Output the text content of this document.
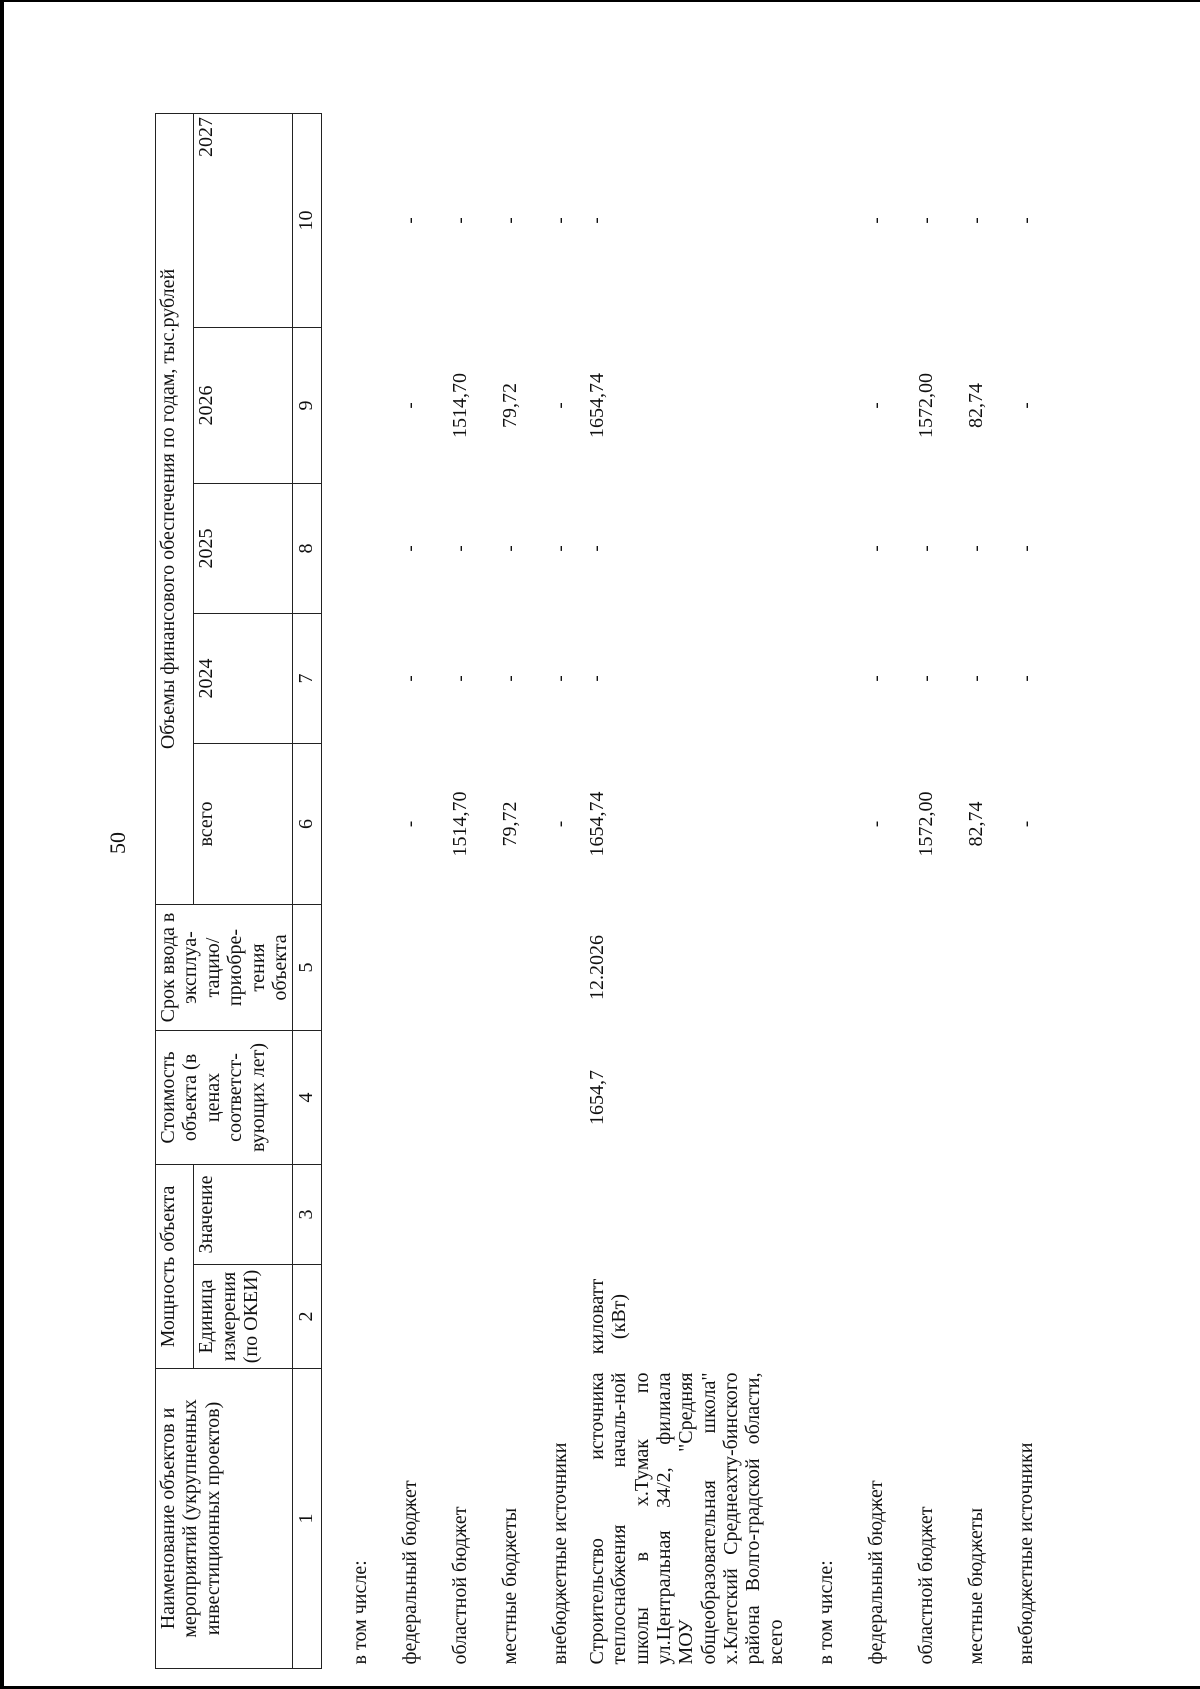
50
Наименование объектов и мероприятий (укрупненных инвестиционных проектов)	Мощность объекта		Стоимость объекта (в ценах соответст-вующих лет)	Срок ввода в эксплуа-тацию/ приобре-тения объекта	Объемы финансового обеспечения по годам, тыс.рублей				
	Единица измерения (по ОКЕИ)	Значение			всего	2024	2025	2026	2027
1	2	3	4	5	6	7	8	9	10
в том числе:									
федеральный бюджет					-	-	-	-	-
областной бюджет					1514,70	-	-	1514,70	-
местные бюджеты					79,72	-	-	79,72	-
внебюджетные источники					-	-	-	-	-

Строительство источника теплоснабжения началь-ной школы в х.Тумак по ул.Центральная 34/2, филиала МОУ "Средняя общеобразовательная школа" х.Клетский Среднеахту-бинского района Волго-градской области, всего	киловатт (кВт)		1654,7	12.2026	1654,74	-	-	1654,74	-
в том числе:									
федеральный бюджет					-	-	-	-	-
областной бюджет					1572,00	-	-	1572,00	-
местные бюджеты					82,74	-	-	82,74	-
внебюджетные источники					-	-	-	-	-
